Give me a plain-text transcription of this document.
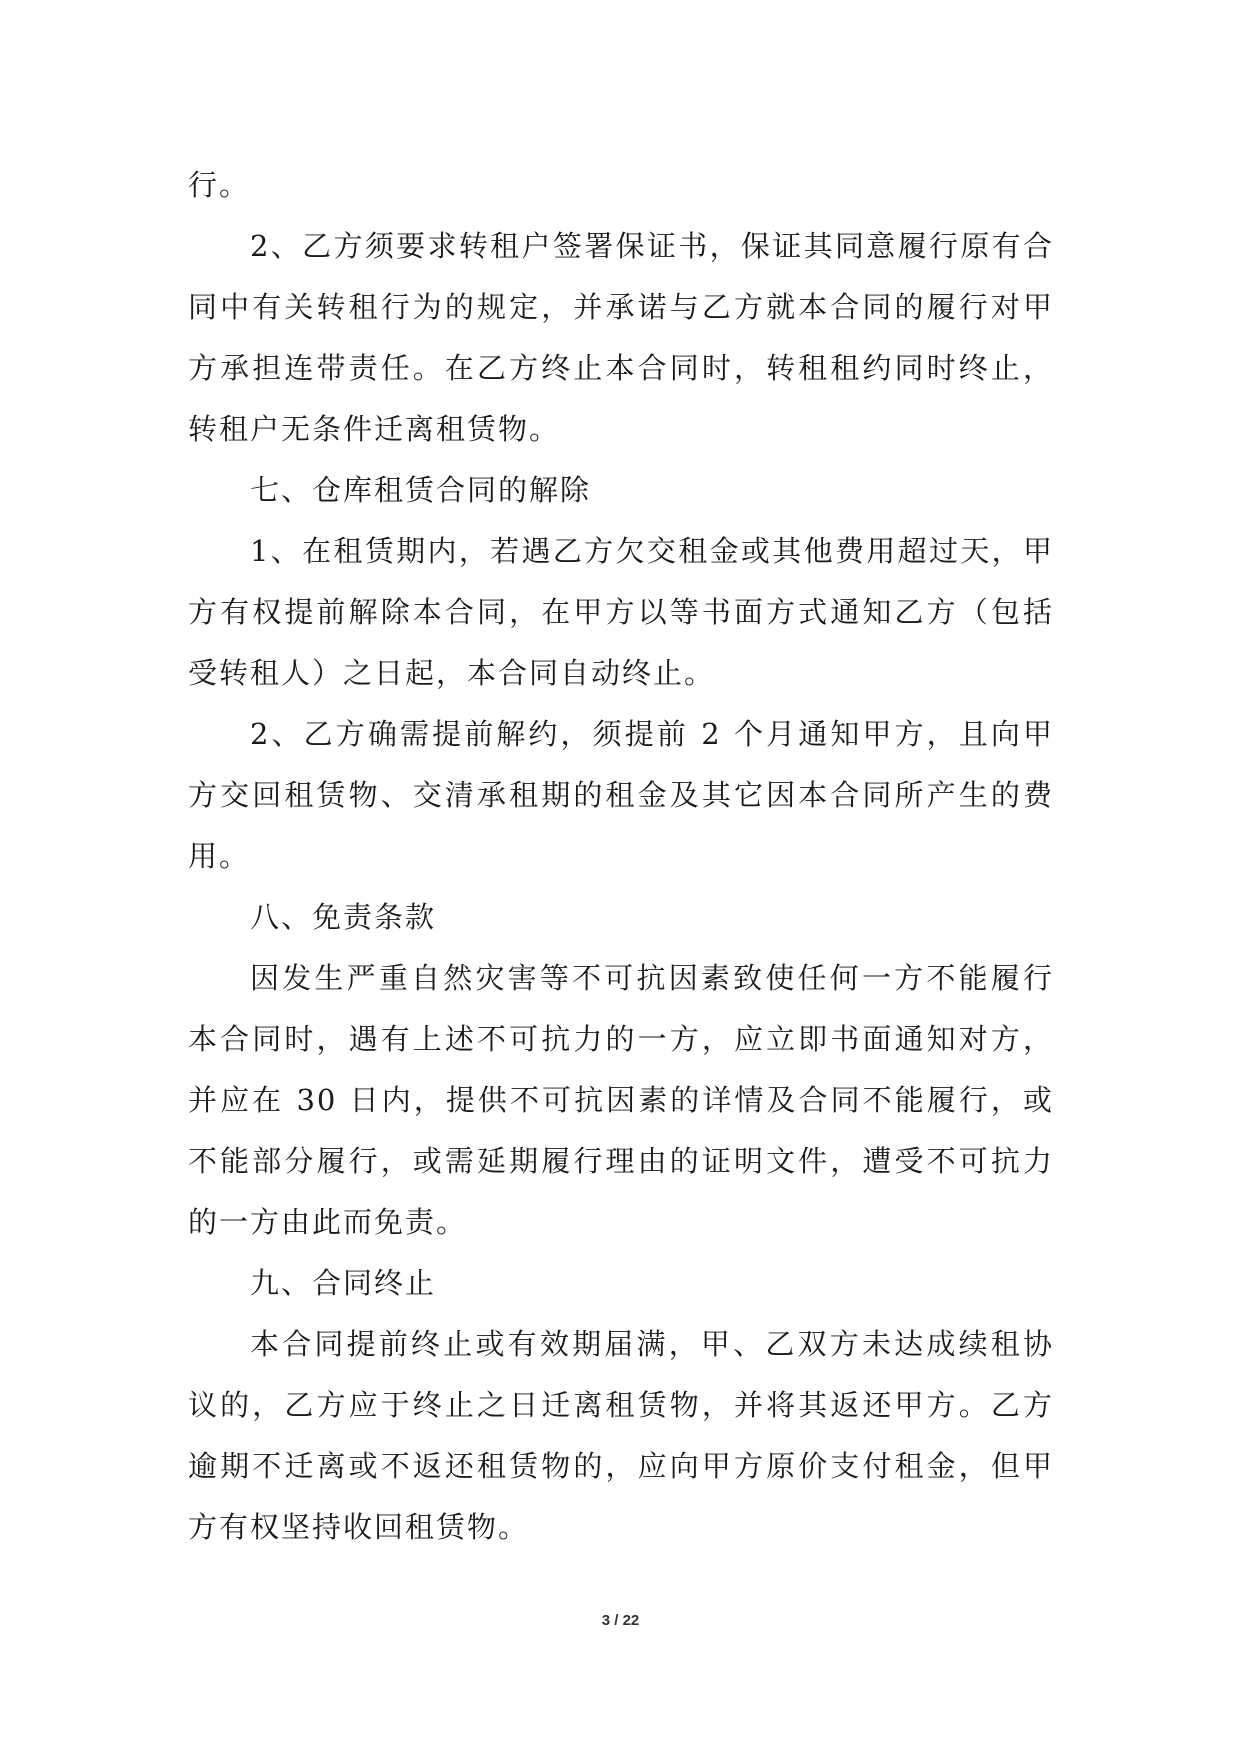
行。

2、乙方须要求转租户签署保证书，保证其同意履行原有合同中有关转租行为的规定，并承诺与乙方就本合同的履行对甲方承担连带责任。在乙方终止本合同时，转租租约同时终止，转租户无条件迁离租赁物。

七、仓库租赁合同的解除

1、在租赁期内，若遇乙方欠交租金或其他费用超过天，甲方有权提前解除本合同，在甲方以等书面方式通知乙方（包括受转租人）之日起，本合同自动终止。

2、乙方确需提前解约，须提前 2 个月通知甲方，且向甲方交回租赁物、交清承租期的租金及其它因本合同所产生的费用。

八、免责条款

因发生严重自然灾害等不可抗因素致使任何一方不能履行本合同时，遇有上述不可抗力的一方，应立即书面通知对方，并应在 30 日内，提供不可抗因素的详情及合同不能履行，或不能部分履行，或需延期履行理由的证明文件，遭受不可抗力的一方由此而免责。

九、合同终止

本合同提前终止或有效期届满，甲、乙双方未达成续租协议的，乙方应于终止之日迁离租赁物，并将其返还甲方。乙方逾期不迁离或不返还租赁物的，应向甲方原价支付租金，但甲方有权坚持收回租赁物。

3 / 22
